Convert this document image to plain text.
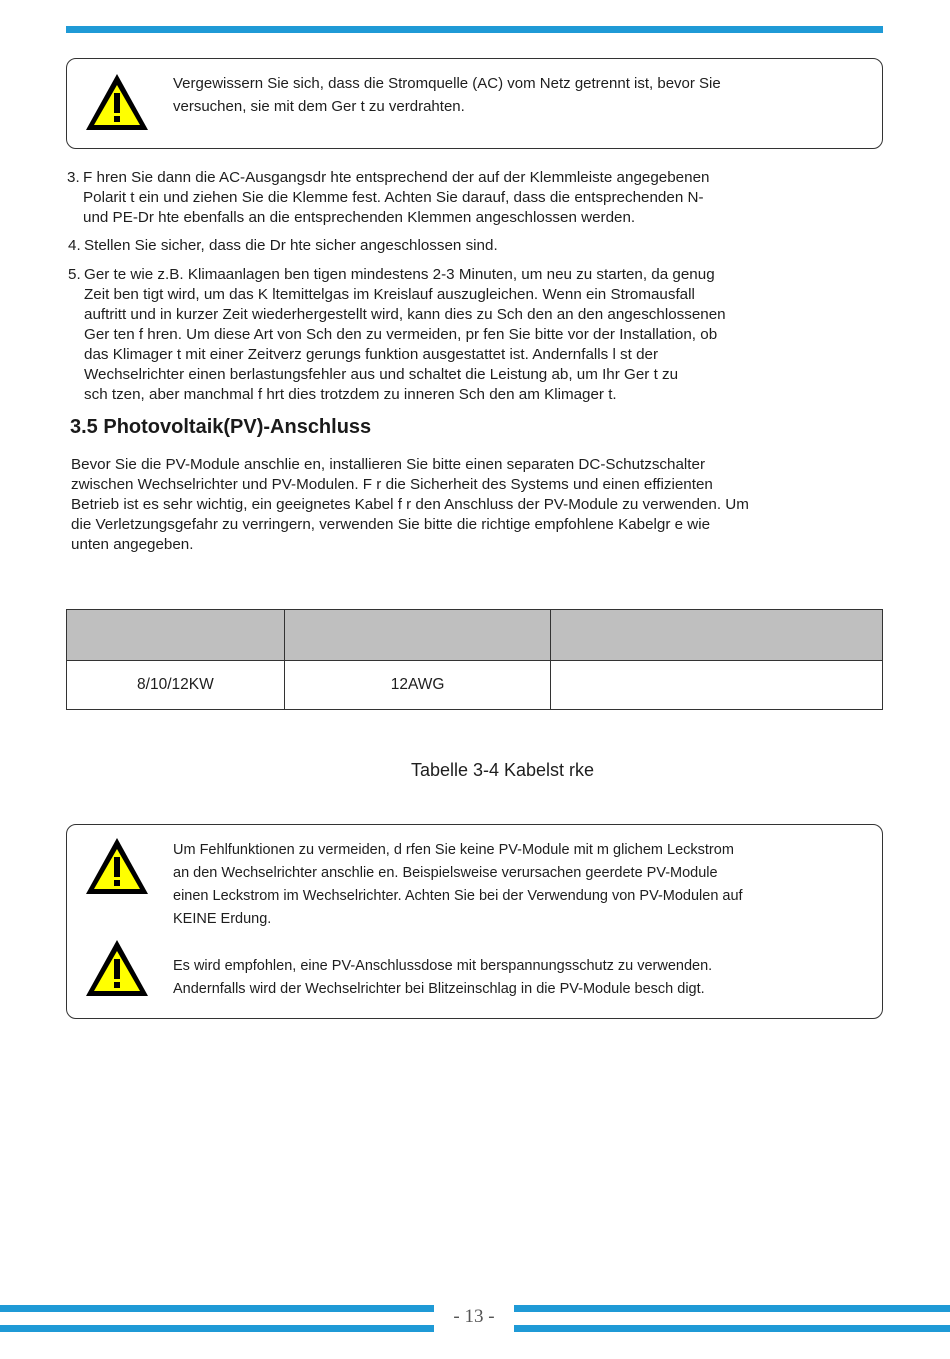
Vergewissern Sie sich, dass die Stromquelle (AC) vom Netz getrennt ist, bevor Sie
versuchen, sie mit dem Ger t zu verdrahten.
3. F hren Sie dann die AC-Ausgangsdr hte entsprechend der auf der Klemmleiste angegebenen
Polarit t ein und ziehen Sie die Klemme fest. Achten Sie darauf, dass die entsprechenden N-
und PE-Dr hte ebenfalls an die entsprechenden Klemmen angeschlossen werden.
4. Stellen Sie sicher, dass die Dr hte sicher angeschlossen sind.
5. Ger te wie z.B. Klimaanlagen ben tigen mindestens 2-3 Minuten, um neu zu starten, da genug
Zeit ben tigt wird, um das K ltemittelgas im Kreislauf auszugleichen. Wenn ein Stromausfall
auftritt und in kurzer Zeit wiederhergestellt wird, kann dies zu Sch den an den angeschlossenen
Ger ten f hren. Um diese Art von Sch den zu vermeiden, pr fen Sie bitte vor der Installation, ob
das Klimager t mit einer Zeitverz gerungs funktion ausgestattet ist. Andernfalls l st der
Wechselrichter einen berlastungsfehler aus und schaltet die Leistung ab, um Ihr Ger t zu
sch tzen, aber manchmal f hrt dies trotzdem zu inneren Sch den am Klimager t.
3.5 Photovoltaik(PV)-Anschluss
Bevor Sie die PV-Module anschlie en, installieren Sie bitte einen separaten DC-Schutzschalter
zwischen Wechselrichter und PV-Modulen. F r die Sicherheit des Systems und einen effizienten
Betrieb ist es sehr wichtig, ein geeignetes Kabel f r den Anschluss der PV-Module zu verwenden. Um
die Verletzungsgefahr zu verringern, verwenden Sie bitte die richtige empfohlene Kabelgr e wie
unten angegeben.

8/10/12KW	12AWG	
Tabelle 3-4 Kabelst rke
Um Fehlfunktionen zu vermeiden, d rfen Sie keine PV-Module mit m glichem Leckstrom
an den Wechselrichter anschlie en. Beispielsweise verursachen geerdete PV-Module
einen Leckstrom im Wechselrichter. Achten Sie bei der Verwendung von PV-Modulen auf
KEINE Erdung.
Es wird empfohlen, eine PV-Anschlussdose mit berspannungsschutz zu verwenden.
Andernfalls wird der Wechselrichter bei Blitzeinschlag in die PV-Module besch digt.
- 13 -
